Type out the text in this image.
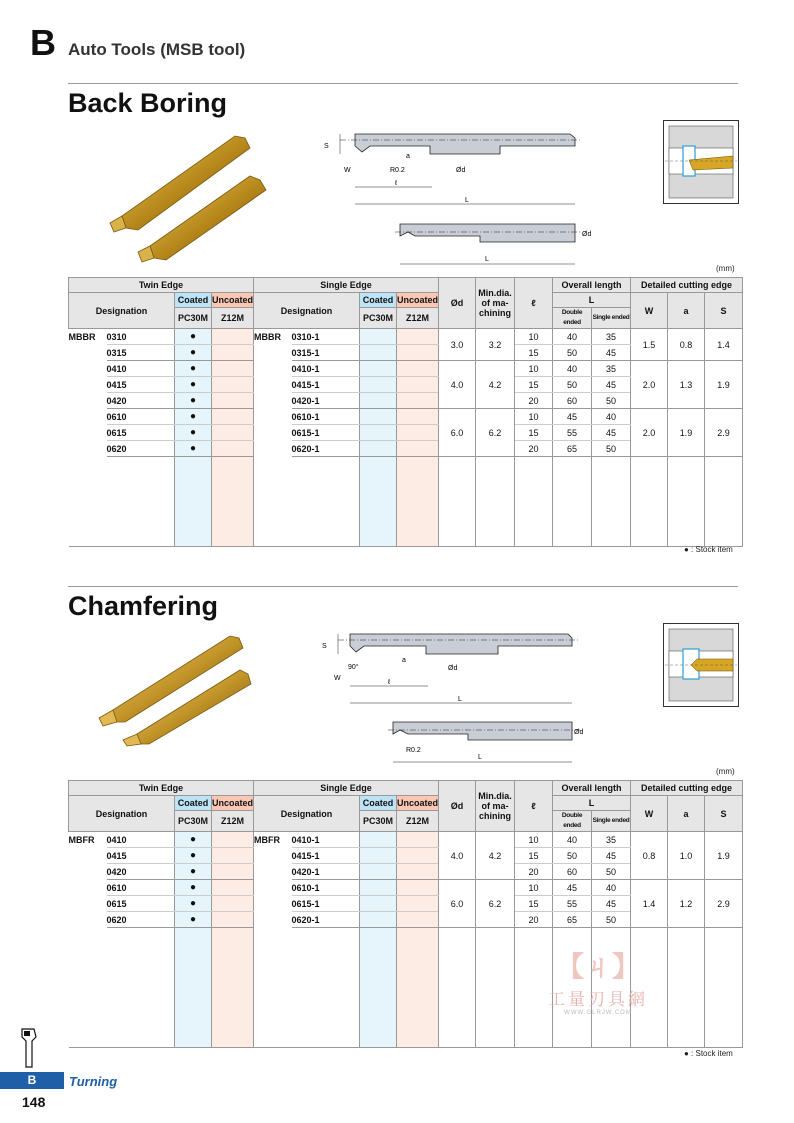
B Auto Tools (MSB tool)
Back Boring
S
W	R0.2
a
Ød
ℓ
L
Ød
L
(mm)
Twin Edge				Single Edge				Ød	Min.dia. of ma- chining	ℓ	Overall length		Detailed cutting edge		
Designation		Coated	Uncoated	Designation		Coated	Uncoated				L		W	a	S
		PC30M	Z12M			PC30M	Z12M				Double ended	Single ended			
MBBR	0310	●		MBBR	0310-1			3.0	3.2	10	40	35	1.5	0.8	1.4
	0315	●			0315-1					15	50	45			
	0410	●			0410-1			4.0	4.2	10	40	35	2.0	1.3	1.9
	0415	●			0415-1					15	50	45			
	0420	●			0420-1					20	60	50			
	0610	●			0610-1			6.0	6.2	10	45	40	2.0	1.9	2.9
	0615	●			0615-1					15	55	45			
	0620	●			0620-1					20	65	50			

● : Stock item
Chamfering
S
90°
W
a
Ød
ℓ
L
Ød
R0.2
L
(mm)
Twin Edge				Single Edge				Ød	Min.dia. of ma- chining	ℓ	Overall length		Detailed cutting edge		
Designation		Coated	Uncoated	Designation		Coated	Uncoated				L		W	a	S
		PC30M	Z12M			PC30M	Z12M				Double ended	Single ended			
MBFR	0410	●		MBFR	0410-1			4.0	4.2	10	40	35	0.8	1.0	1.9
	0415	●			0415-1					15	50	45			
	0420	●			0420-1					20	60	50			
	0610	●			0610-1			6.0	6.2	10	45	40	1.4	1.2	2.9
	0615	●			0615-1					15	55	45			
	0620	●			0620-1					20	65	50			

● : Stock item
【ㄐ】
工量刃具網
WWW.GLRJW.COM
B	Turning
148
